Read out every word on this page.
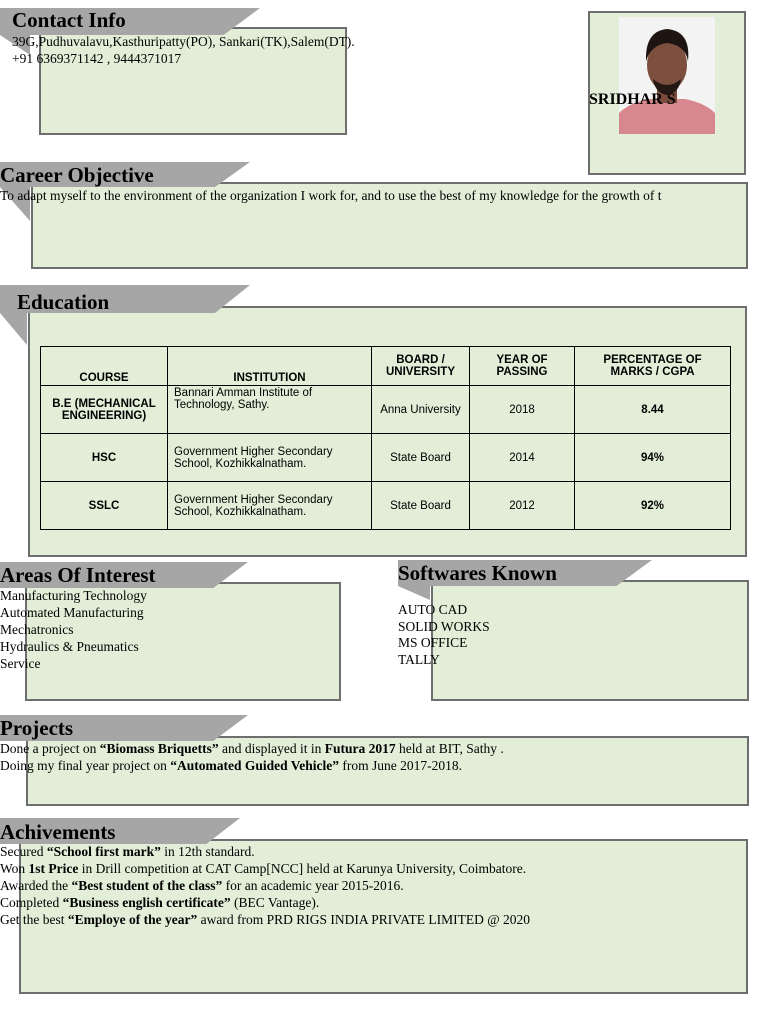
Contact Info
39G,Pudhuvalavu,Kasthuripatty(PO), Sankari(TK),Salem(DT).
+91 6369371142 , 9444371017
SRIDHAR S
Career Objective
To adapt myself to the environment of the organization I work for, and to use the best of my knowledge for the growth of t
Education
COURSE	INSTITUTION	BOARD / UNIVERSITY	YEAR OF PASSING	PERCENTAGE OF MARKS / CGPA
B.E (MECHANICAL ENGINEERING)	Bannari Amman Institute of Technology, Sathy.	Anna University	2018	8.44
HSC	Government Higher Secondary School, Kozhikkalnatham.	State Board	2014	94%
SSLC	Government Higher Secondary School, Kozhikkalnatham.	State Board	2012	92%
Areas Of Interest
Manufacturing Technology
Automated Manufacturing
Mechatronics
Hydraulics & Pneumatics
Service
Softwares Known
AUTO CAD
SOLID WORKS
MS OFFICE
TALLY
Projects
Done a project on “Biomass Briquetts” and displayed it in Futura 2017 held at BIT, Sathy .
Doing my final year project on “Automated Guided Vehicle” from June 2017-2018.
Achivements
Secured “School first mark” in 12th standard.
Won 1st Price in Drill competition at CAT Camp[NCC] held at Karunya University, Coimbatore.
Awarded the “Best student of the class” for an academic year 2015-2016.
Completed “Business english certificate” (BEC Vantage).
Get the best “Employe of the year” award from PRD RIGS INDIA PRIVATE LIMITED @ 2020
